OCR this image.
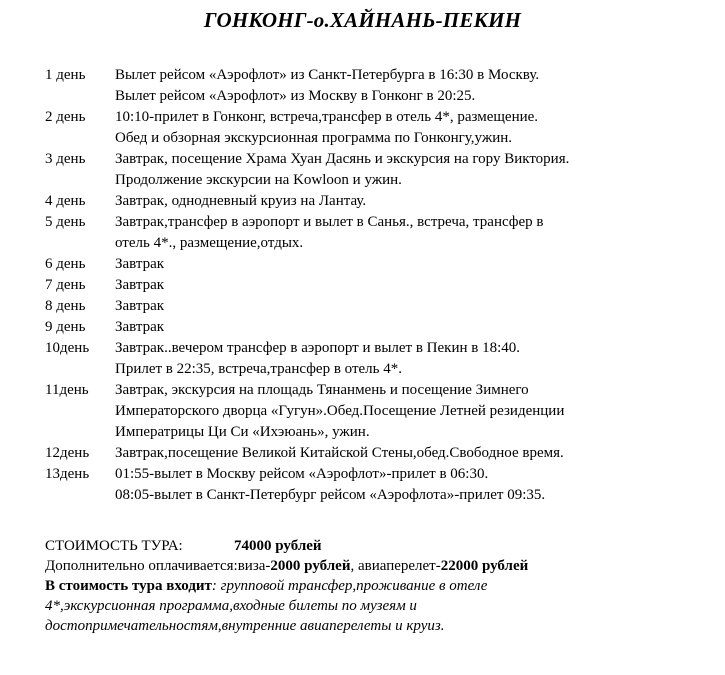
ГОНКОНГ-о.ХАЙНАНЬ-ПЕКИН
1 день	Вылет рейсом «Аэрофлот» из Санкт-Петербурга в 16:30 в Москву.
Вылет рейсом «Аэрофлот» из Москву в Гонконг в 20:25.
2 день	10:10-прилет в Гонконг, встреча,трансфер в отель 4*, размещение.
Обед и обзорная экскурсионная программа по Гонконгу,ужин.
3 день	Завтрак, посещение Храма Хуан Дасянь и экскурсия на гору Виктория.
Продолжение экскурсии на Kowloon и ужин.
4 день	Завтрак, однодневный круиз на Лантау.
5 день	Завтрак,трансфер в аэропорт и вылет в Санья., встреча, трансфер в
отель 4*., размещение,отдых.
6 день	Завтрак
7 день	Завтрак
8 день	Завтрак
9 день	Завтрак
10день	Завтрак..вечером трансфер в аэропорт и вылет в Пекин в 18:40.
Прилет в 22:35, встреча,трансфер в отель 4*.
11день	Завтрак, экскурсия на площадь Тянанмень и посещение Зимнего
Императорского дворца «Гугун».Обед.Посещение Летней резиденции
Императрицы Ци Си «Ихэюань», ужин.
12день	Завтрак,посещение Великой Китайской Стены,обед.Свободное время.
13день	01:55-вылет в Москву рейсом «Аэрофлот»-прилет в 06:30.
08:05-вылет в Санкт-Петербург рейсом «Аэрофлота»-прилет 09:35.
СТОИМОСТЬ ТУРА:	74000 рублей
Дополнительно оплачивается:виза-2000 рублей, авиаперелет-22000 рублей
В стоимость тура входит: групповой трансфер,проживание в отеле
4*,экскурсионная программа,входные билеты по музеям и
достопримечательностям,внутренние авиаперелеты и круиз.
